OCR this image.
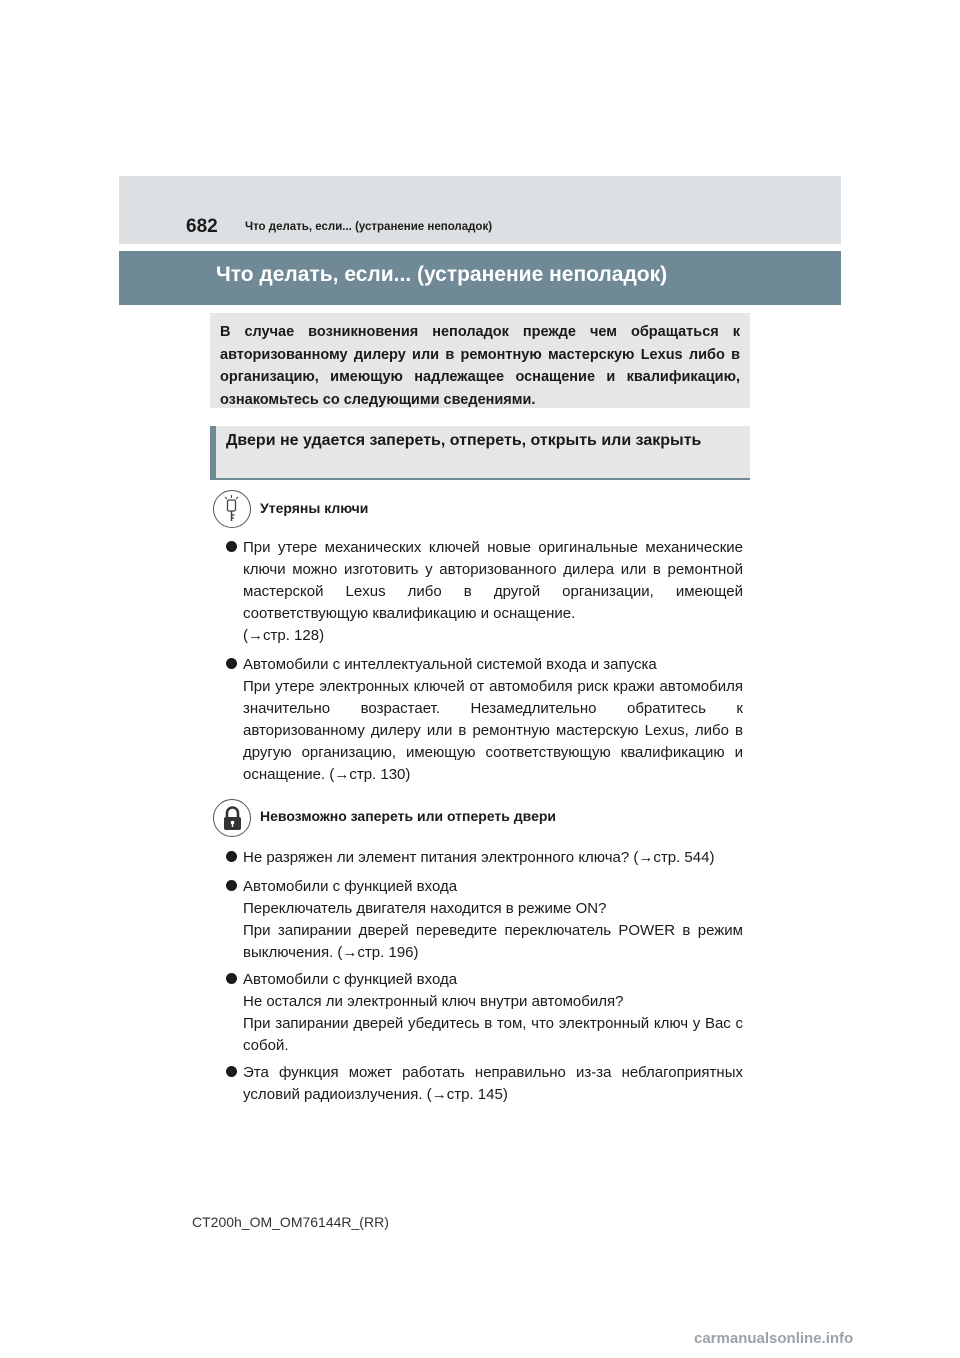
682 Что делать, если... (устранение неполадок)
Что делать, если... (устранение неполадок)
В случае возникновения неполадок прежде чем обращаться к авторизованному дилеру или в ремонтную мастерскую Lexus либо в организацию, имеющую надлежащее оснащение и квалификацию, ознакомьтесь со следующими сведениями.
Двери не удается запереть, отпереть, открыть или закрыть
Утеряны ключи
При утере механических ключей новые оригинальные механические ключи можно изготовить у авторизованного дилера или в ремонтной мастерской Lexus либо в другой организации, имеющей соответствующую квалификацию и оснащение.
(→стр. 128)
Автомобили с интеллектуальной системой входа и запуска
При утере электронных ключей от автомобиля риск кражи автомобиля значительно возрастает. Незамедлительно обратитесь к авторизованному дилеру или в ремонтную мастерскую Lexus, либо в другую организацию, имеющую соответствующую квалификацию и оснащение. (→стр. 130)
Невозможно запереть или отпереть двери
Не разряжен ли элемент питания электронного ключа? (→стр. 544)
Автомобили с функцией входа
Переключатель двигателя находится в режиме ON?
При запирании дверей переведите переключатель POWER в режим выключения. (→стр. 196)
Автомобили с функцией входа
Не остался ли электронный ключ внутри автомобиля?
При запирании дверей убедитесь в том, что электронный ключ у Вас с собой.
Эта функция может работать неправильно из-за неблагоприятных условий радиоизлучения. (→стр. 145)
CT200h_OM_OM76144R_(RR)
carmanualsonline.info
